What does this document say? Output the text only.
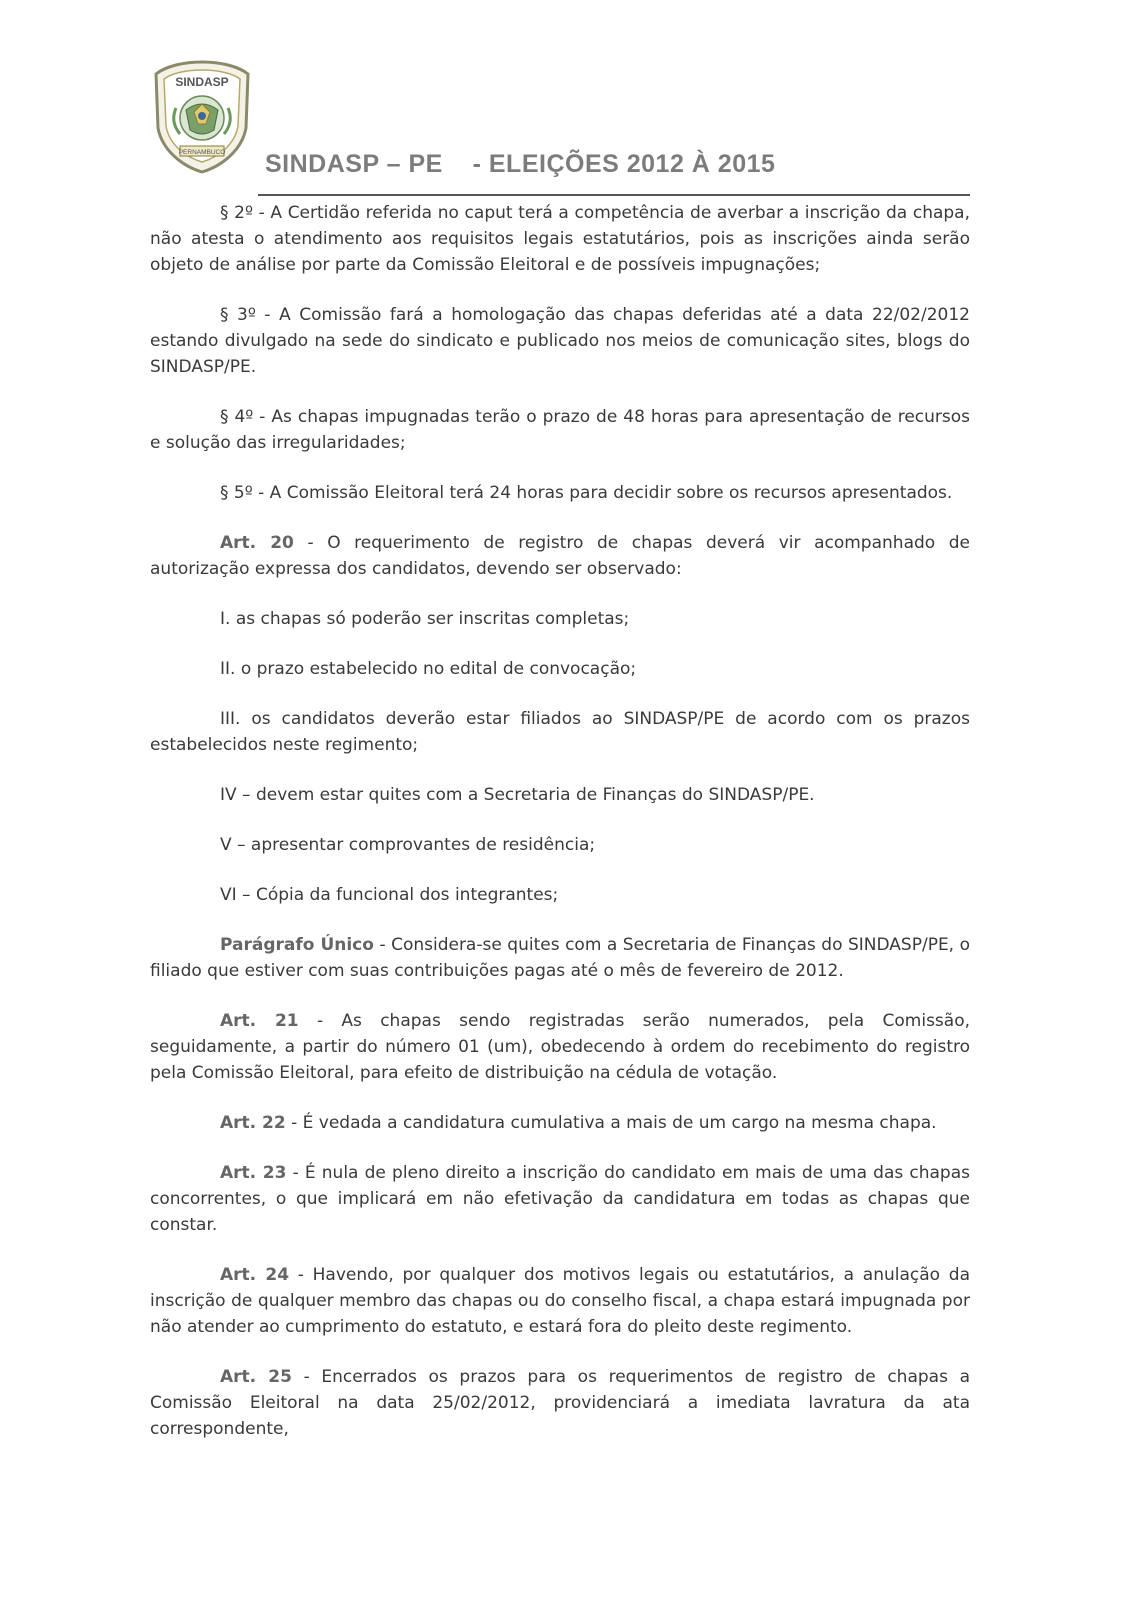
SINDASP
PERNAMBUCO SINDASP – PE    - ELEIÇÕES 2012 À 2015

§ 2º - A Certidão referida no caput terá a competência de averbar a inscrição da chapa, não atesta o atendimento aos requisitos legais estatutários, pois as inscrições ainda serão objeto de análise por parte da Comissão Eleitoral e de possíveis impugnações;

§ 3º - A Comissão fará a homologação das chapas deferidas até a data 22/02/2012 estando divulgado na sede do sindicato e publicado nos meios de comunicação sites, blogs do SINDASP/PE.

§ 4º - As chapas impugnadas terão o prazo de 48 horas para apresentação de recursos e solução das irregularidades;

§ 5º - A Comissão Eleitoral terá 24 horas para decidir sobre os recursos apresentados.

Art. 20 - O requerimento de registro de chapas deverá vir acompanhado de autorização expressa dos candidatos, devendo ser observado:

I. as chapas só poderão ser inscritas completas;

II. o prazo estabelecido no edital de convocação;

III. os candidatos deverão estar filiados ao SINDASP/PE de acordo com os prazos estabelecidos neste regimento;

IV – devem estar quites com a Secretaria de Finanças do SINDASP/PE.

V – apresentar comprovantes de residência;

VI – Cópia da funcional dos integrantes;

Parágrafo Único - Considera-se quites com a Secretaria de Finanças do SINDASP/PE, o filiado que estiver com suas contribuições pagas até o mês de fevereiro de 2012.

Art. 21 - As chapas sendo registradas serão numerados, pela Comissão, seguidamente, a partir do número 01 (um), obedecendo à ordem do recebimento do registro pela Comissão Eleitoral, para efeito de distribuição na cédula de votação.

Art. 22 - É vedada a candidatura cumulativa a mais de um cargo na mesma chapa.

Art. 23 - É nula de pleno direito a inscrição do candidato em mais de uma das chapas concorrentes, o que implicará em não efetivação da candidatura em todas as chapas que constar.

Art. 24 - Havendo, por qualquer dos motivos legais ou estatutários, a anulação da inscrição de qualquer membro das chapas ou do conselho fiscal, a chapa estará impugnada por não atender ao cumprimento do estatuto, e estará fora do pleito deste regimento.

Art. 25 - Encerrados os prazos para os requerimentos de registro de chapas a Comissão Eleitoral na data 25/02/2012, providenciará a imediata lavratura da ata correspondente,
